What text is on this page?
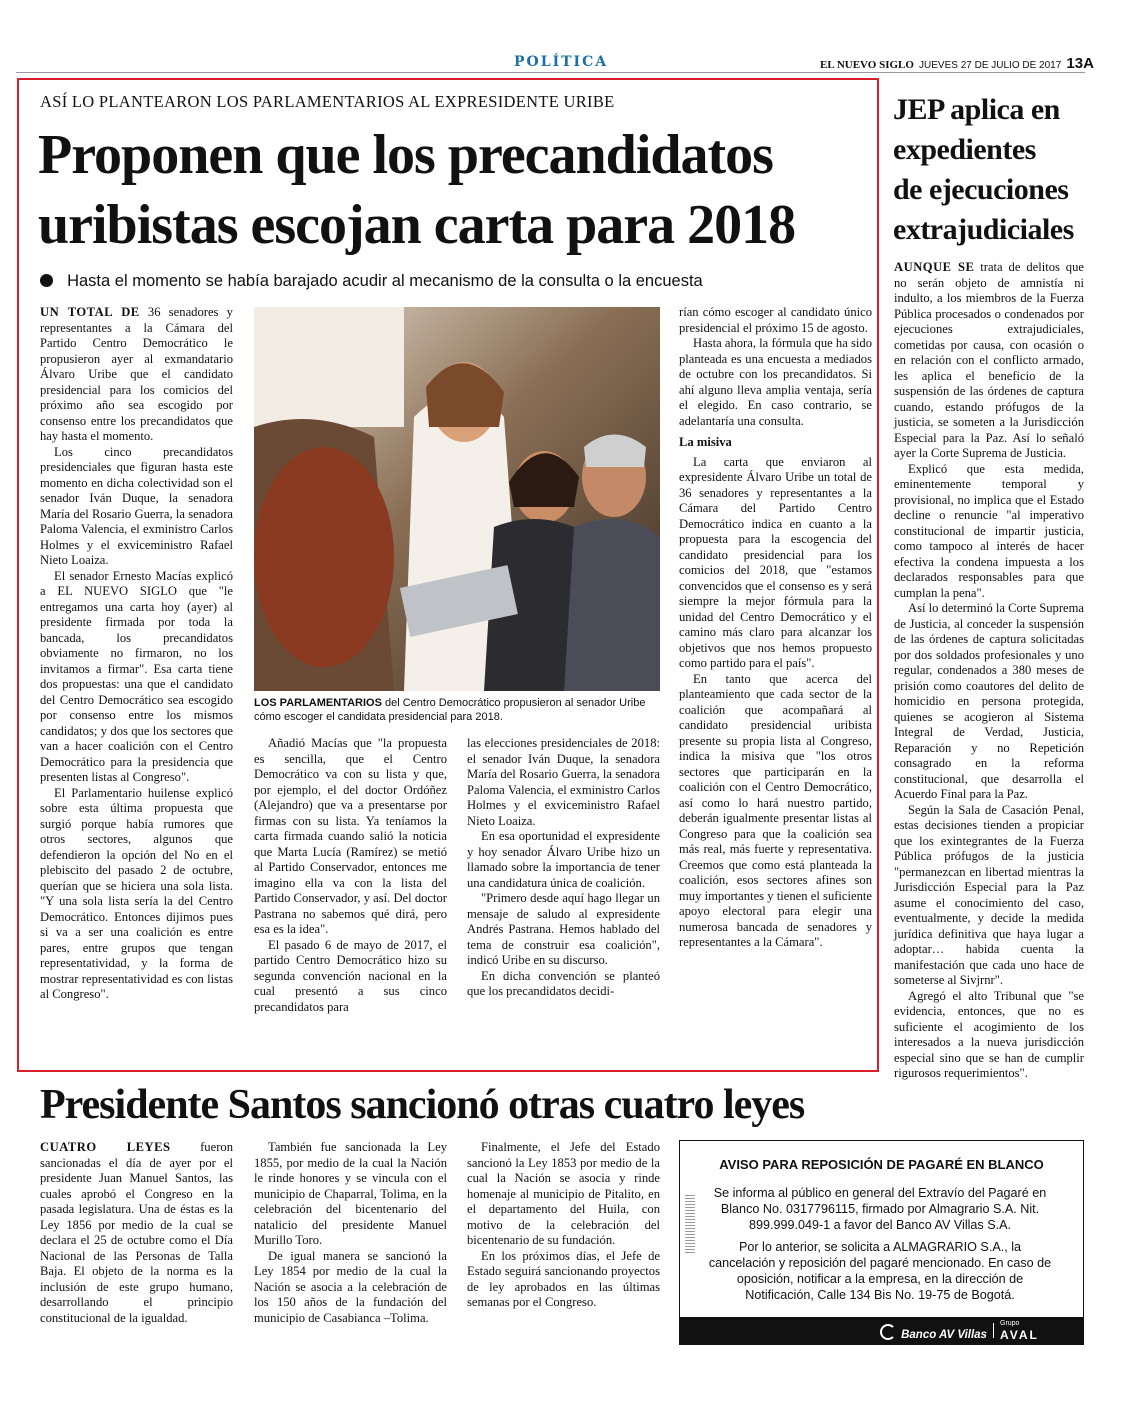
POLÍTICA	EL NUEVO SIGLO JUEVES 27 DE JULIO DE 2017 13A
ASÍ LO PLANTEARON LOS PARLAMENTARIOS AL EXPRESIDENTE URIBE
Proponen que los precandidatos
uribistas escojan carta para 2018
Hasta el momento se había barajado acudir al mecanismo de la consulta o la encuesta

UN TOTAL DE 36 senadores y representantes a la Cámara del Partido Centro Democrático le propusieron ayer al exmandatario Álvaro Uribe que el candidato presidencial para los comicios del próximo año sea escogido por consenso entre los precandidatos que hay hasta el momento.

Los cinco precandidatos presidenciales que figuran hasta este momento en dicha colectividad son el senador Iván Duque, la senadora María del Rosario Guerra, la senadora Paloma Valencia, el exministro Carlos Holmes y el exviceministro Rafael Nieto Loaiza.

El senador Ernesto Macías explicó a EL NUEVO SIGLO que "le entregamos una carta hoy (ayer) al presidente firmada por toda la bancada, los precandidatos obviamente no firmaron, no los invitamos a firmar". Esa carta tiene dos propuestas: una que el candidato del Centro Democrático sea escogido por consenso entre los mismos candidatos; y dos que los sectores que van a hacer coalición con el Centro Democrático para la presidencia que presenten listas al Congreso".

El Parlamentario huilense explicó sobre esta última propuesta que surgió porque había rumores que otros sectores, algunos que defendieron la opción del No en el plebiscito del pasado 2 de octubre, querían que se hiciera una sola lista. "Y una sola lista sería la del Centro Democrático. Entonces dijimos pues si va a ser una coalición es entre pares, entre grupos que tengan representatividad, y la forma de mostrar representatividad es con listas al Congreso".

LOS PARLAMENTARIOS del Centro Democrático propusieron al senador Uribe cómo escoger el candidata presidencial para 2018.

Añadió Macías que "la propuesta es sencilla, que el Centro Democrático va con su lista y que, por ejemplo, el del doctor Ordóñez (Alejandro) que va a presentarse por firmas con su lista. Ya teníamos la carta firmada cuando salió la noticia que Marta Lucía (Ramírez) se metió al Partido Conservador, entonces me imagino ella va con la lista del Partido Conservador, y así. Del doctor Pastrana no sabemos qué dirá, pero esa es la idea".

El pasado 6 de mayo de 2017, el partido Centro Democrático hizo su segunda convención nacional en la cual presentó a sus cinco precandidatos para

las elecciones presidenciales de 2018: el senador Iván Duque, la senadora María del Rosario Guerra, la senadora Paloma Valencia, el exministro Carlos Holmes y el exviceministro Rafael Nieto Loaiza.

En esa oportunidad el expresidente y hoy senador Álvaro Uribe hizo un llamado sobre la importancia de tener una candidatura única de coalición.

"Primero desde aquí hago llegar un mensaje de saludo al expresidente Andrés Pastrana. Hemos hablado del tema de construir esa coalición", indicó Uribe en su discurso.

En dicha convención se planteó que los precandidatos decidi-

rían cómo escoger al candidato único presidencial el próximo 15 de agosto.

Hasta ahora, la fórmula que ha sido planteada es una encuesta a mediados de octubre con los precandidatos. Si ahí alguno lleva amplia ventaja, sería el elegido. En caso contrario, se adelantaría una consulta.

La misiva

La carta que enviaron al expresidente Álvaro Uribe un total de 36 senadores y representantes a la Cámara del Partido Centro Democrático indica en cuanto a la propuesta para la escogencia del candidato presidencial para los comicios del 2018, que "estamos convencidos que el consenso es y será siempre la mejor fórmula para la unidad del Centro Democrático y el camino más claro para alcanzar los objetivos que nos hemos propuesto como partido para el país".

En tanto que acerca del planteamiento que cada sector de la coalición que acompañará al candidato presidencial uribista presente su propia lista al Congreso, indica la misiva que "los otros sectores que participarán en la coalición con el Centro Democrático, así como lo hará nuestro partido, deberán igualmente presentar listas al Congreso para que la coalición sea más real, más fuerte y representativa. Creemos que como está planteada la coalición, esos sectores afines son muy importantes y tienen el suficiente apoyo electoral para elegir una numerosa bancada de senadores y representantes a la Cámara".

JEP aplica en
expedientes
de ejecuciones
extrajudiciales

AUNQUE SE trata de delitos que no serán objeto de amnistía ni indulto, a los miembros de la Fuerza Pública procesados o condenados por ejecuciones extrajudiciales, cometidas por causa, con ocasión o en relación con el conflicto armado, les aplica el beneficio de la suspensión de las órdenes de captura cuando, estando prófugos de la justicia, se someten a la Jurisdicción Especial para la Paz. Así lo señaló ayer la Corte Suprema de Justicia.

Explicó que esta medida, eminentemente temporal y provisional, no implica que el Estado decline o renuncie "al imperativo constitucional de impartir justicia, como tampoco al interés de hacer efectiva la condena impuesta a los declarados responsables para que cumplan la pena".

Así lo determinó la Corte Suprema de Justicia, al conceder la suspensión de las órdenes de captura solicitadas por dos soldados profesionales y uno regular, condenados a 380 meses de prisión como coautores del delito de homicidio en persona protegida, quienes se acogieron al Sistema Integral de Verdad, Justicia, Reparación y no Repetición consagrado en la reforma constitucional, que desarrolla el Acuerdo Final para la Paz.

Según la Sala de Casación Penal, estas decisiones tienden a propiciar que los exintegrantes de la Fuerza Pública prófugos de la justicia "permanezcan en libertad mientras la Jurisdicción Especial para la Paz asume el conocimiento del caso, eventualmente, y decide la medida jurídica definitiva que haya lugar a adoptar… habida cuenta la manifestación que cada uno hace de someterse al Sivjrnr".

Agregó el alto Tribunal que "se evidencia, entonces, que no es suficiente el acogimiento de los interesados a la nueva jurisdicción especial sino que se han de cumplir rigurosos requerimientos".

Presidente Santos sancionó otras cuatro leyes

CUATRO LEYES fueron sancionadas el día de ayer por el presidente Juan Manuel Santos, las cuales aprobó el Congreso en la pasada legislatura. Una de éstas es la Ley 1856 por medio de la cual se declara el 25 de octubre como el Día Nacional de las Personas de Talla Baja. El objeto de la norma es la inclusión de este grupo humano, desarrollando el principio constitucional de la igualdad.

También fue sancionada la Ley 1855, por medio de la cual la Nación le rinde honores y se vincula con el municipio de Chaparral, Tolima, en la celebración del bicentenario del natalicio del presidente Manuel Murillo Toro.

De igual manera se sancionó la Ley 1854 por medio de la cual la Nación se asocia a la celebración de los 150 años de la fundación del municipio de Casabianca –Tolima.

Finalmente, el Jefe del Estado sancionó la Ley 1853 por medio de la cual la Nación se asocia y rinde homenaje al municipio de Pitalito, en el departamento del Huila, con motivo de la celebración del bicentenario de su fundación.

En los próximos días, el Jefe de Estado seguirá sancionando proyectos de ley aprobados en las últimas semanas por el Congreso.

AVISO PARA REPOSICIÓN DE PAGARÉ EN BLANCO
Se informa al público en general del Extravío del Pagaré en Blanco No. 0317796115, firmado por Almagrario S.A. Nit. 899.999.049-1 a favor del Banco AV Villas S.A.
Por lo anterior, se solicita a ALMAGRARIO S.A., la cancelación y reposición del pagaré mencionado. En caso de oposición, notificar a la empresa, en la dirección de Notificación, Calle 134 Bis No. 19-75 de Bogotá.
Banco AV Villas
Grupo
AVAL
